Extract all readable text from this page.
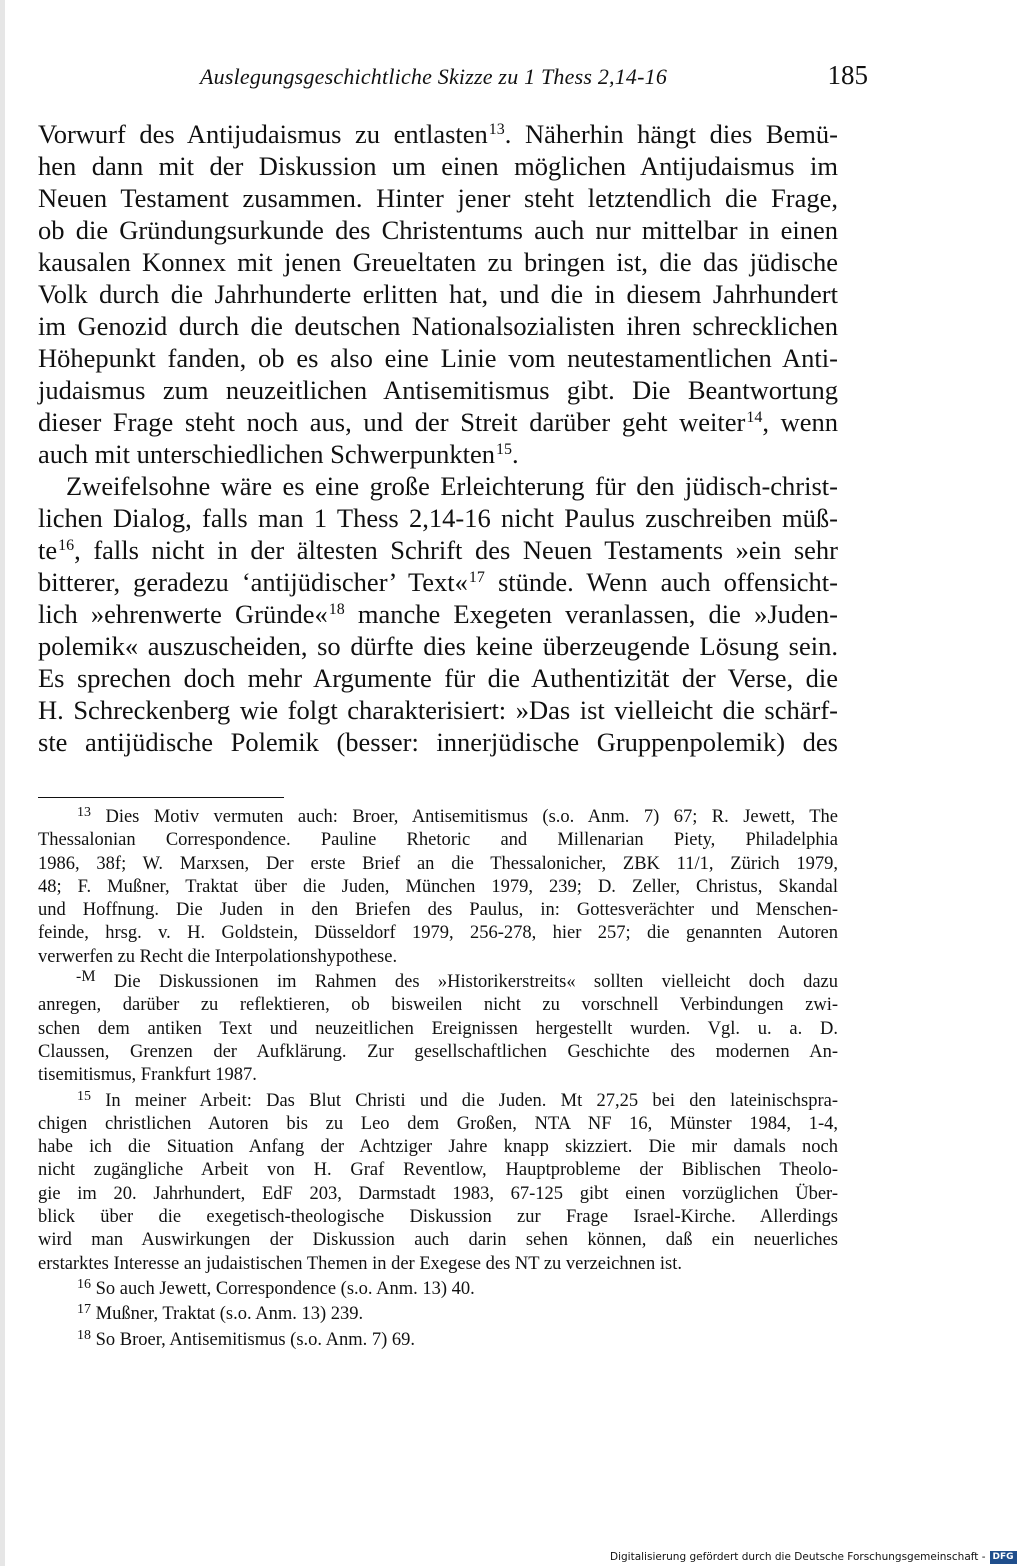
Auslegungsgeschichtliche Skizze zu 1 Thess 2,14-16	185
Vorwurf des Antijudaismus zu entlasten$^{13}$. Näherhin hängt dies Bemü-
hen dann mit der Diskussion um einen möglichen Antijudaismus im
Neuen Testament zusammen. Hinter jener steht letztendlich die Frage,
ob die Gründungsurkunde des Christentums auch nur mittelbar in einen
kausalen Konnex mit jenen Greueltaten zu bringen ist, die das jüdische
Volk durch die Jahrhunderte erlitten hat, und die in diesem Jahrhundert
im Genozid durch die deutschen Nationalsozialisten ihren schrecklichen
Höhepunkt fanden, ob es also eine Linie vom neutestamentlichen Anti-
judaismus zum neuzeitlichen Antisemitismus gibt. Die Beantwortung
dieser Frage steht noch aus, und der Streit darüber geht weiter$^{14}$, wenn
auch mit unterschiedlichen Schwerpunkten$^{15}$.
Zweifelsohne wäre es eine große Erleichterung für den jüdisch-christ-
lichen Dialog, falls man 1 Thess 2,14-16 nicht Paulus zuschreiben müß-
te$^{16}$, falls nicht in der ältesten Schrift des Neuen Testaments »ein sehr
bitterer, geradezu ‘antijüdischer’ Text«$^{17}$ stünde. Wenn auch offensicht-
lich »ehrenwerte Gründe«$^{18}$ manche Exegeten veranlassen, die »Juden-
polemik« auszuscheiden, so dürfte dies keine überzeugende Lösung sein.
Es sprechen doch mehr Argumente für die Authentizität der Verse, die
H. Schreckenberg wie folgt charakterisiert: »Das ist vielleicht die schärf-
ste antijüdische Polemik (besser: innerjüdische Gruppenpolemik) des
$^{13}$ Dies Motiv vermuten auch: Broer, Antisemitismus (s.o. Anm. 7) 67; R. Jewett, The
Thessalonian Correspondence. Pauline Rhetoric and Millenarian Piety, Philadelphia
1986, 38f; W. Marxsen, Der erste Brief an die Thessalonicher, ZBK 11/1, Zürich 1979,
48; F. Mußner, Traktat über die Juden, München 1979, 239; D. Zeller, Christus, Skandal
und Hoffnung. Die Juden in den Briefen des Paulus, in: Gottesverächter und Menschen-
feinde, hrsg. v. H. Goldstein, Düsseldorf 1979, 256-278, hier 257; die genannten Autoren
verwerfen zu Recht die Interpolationshypothese.
-M Die Diskussionen im Rahmen des »Historikerstreits« sollten vielleicht doch dazu
anregen, darüber zu reflektieren, ob bisweilen nicht zu vorschnell Verbindungen zwi-
schen dem antiken Text und neuzeitlichen Ereignissen hergestellt wurden. Vgl. u. a. D.
Claussen, Grenzen der Aufklärung. Zur gesellschaftlichen Geschichte des modernen An-
tisemitismus, Frankfurt 1987.
$^{15}$ In meiner Arbeit: Das Blut Christi und die Juden. Mt 27,25 bei den lateinischspra-
chigen christlichen Autoren bis zu Leo dem Großen, NTA NF 16, Münster 1984, 1-4,
habe ich die Situation Anfang der Achtziger Jahre knapp skizziert. Die mir damals noch
nicht zugängliche Arbeit von H. Graf Reventlow, Hauptprobleme der Biblischen Theolo-
gie im 20. Jahrhundert, EdF 203, Darmstadt 1983, 67-125 gibt einen vorzüglichen Über-
blick über die exegetisch-theologische Diskussion zur Frage Israel-Kirche. Allerdings
wird man Auswirkungen der Diskussion auch darin sehen können, daß ein neuerliches
erstarktes Interesse an judaistischen Themen in der Exegese des NT zu verzeichnen ist.
$^{16}$ So auch Jewett, Correspondence (s.o. Anm. 13) 40.
$^{17}$ Mußner, Traktat (s.o. Anm. 13) 239.
$^{18}$ So Broer, Antisemitismus (s.o. Anm. 7) 69.
Digitalisierung gefördert durch die Deutsche Forschungsgemeinschaft - DFG
